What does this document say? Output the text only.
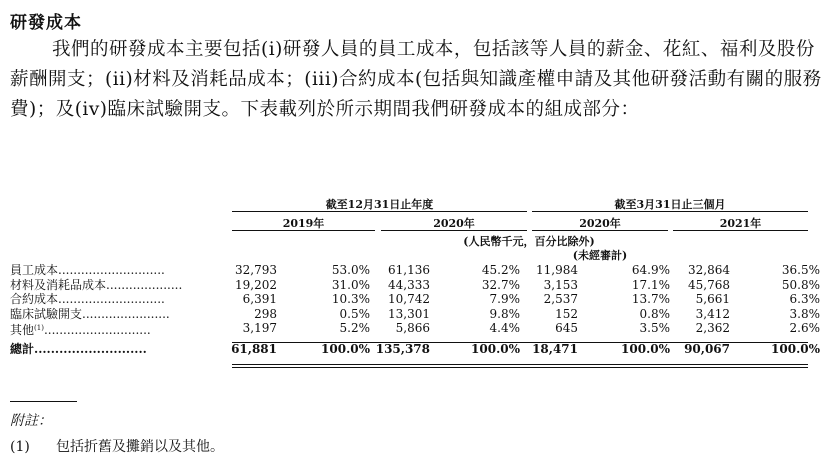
研發成本
我們的研發成本主要包括(i)研發人員的員工成本，包括該等人員的薪金、花紅、福利及股份薪酬開支；(ii)材料及消耗品成本；(iii)合約成本(包括與知識產權申請及其他研發活動有關的服務費)；及(iv)臨床試驗開支。下表載列於所示期間我們研發成本的組成部分：
截至12月31日止年度	截至3月31日止三個月
2019年	2020年	2020年	2021年
(人民幣千元，百分比除外)
(未經審計)
員工成本............................	32,793	53.0% 61,136	45.2% 11,984	64.9% 32,864	36.5%
材料及消耗品成本....................	19,202	31.0% 44,333	32.7% 3,153	17.1% 45,768	50.8%
合約成本............................	6,391	10.3% 10,742	7.9% 2,537	13.7% 5,661	6.3%
臨床試驗開支.......................	298	0.5% 13,301	9.8%	152	0.8% 3,412	3.8%
其他$^{(1)}$............................	3,197	5.2% 5,866	4.4%	645	3.5% 2,362	2.6%
總計...........................	61,881	100.0% 135,378	100.0% 18,471	100.0% 90,067	100.0%
附註：
(1) 包括折舊及攤銷以及其他。
